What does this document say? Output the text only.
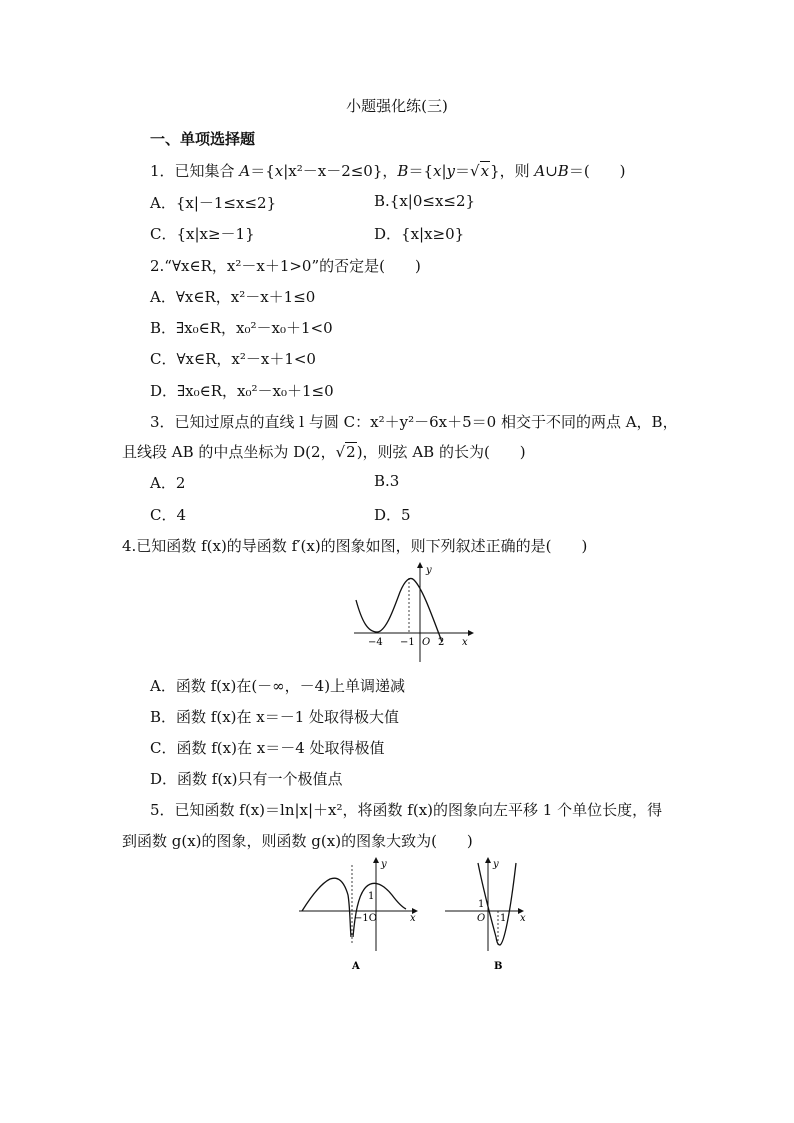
小题强化练(三)
一、单项选择题
1．已知集合 A＝{x|x²－x－2≤0}，B＝{x|y＝√x}，则 A∪B＝(　　)
A．{x|－1≤x≤2}	B.{x|0≤x≤2}
C．{x|x≥－1}	D．{x|x≥0}
2.“∀x∈R，x²－x＋1>0”的否定是(　　)
A．∀x∈R，x²－x＋1≤0
B．∃x₀∈R，x₀²－x₀＋1<0
C．∀x∈R，x²－x＋1<0
D．∃x₀∈R，x₀²－x₀＋1≤0
3．已知过原点的直线 l 与圆 C：x²＋y²－6x＋5＝0 相交于不同的两点 A，B，
且线段 AB 的中点坐标为 D(2，√2)，则弦 AB 的长为(　　)
A．2	B.3
C．4	D．5
4.已知函数 f(x)的导函数 f′(x)的图象如图，则下列叙述正确的是(　　)
y
x
−4 −1 O 2
A．函数 f(x)在(－∞，－4)上单调递减
B．函数 f(x)在 x＝－1 处取得极大值
C．函数 f(x)在 x＝－4 处取得极值
D．函数 f(x)只有一个极值点
5．已知函数 f(x)＝ln|x|＋x²，将函数 f(x)的图象向左平移 1 个单位长度，得
到函数 g(x)的图象，则函数 g(x)的图象大致为(　　)
y
x
1
−1O
A
y
x
1
O 1
B
